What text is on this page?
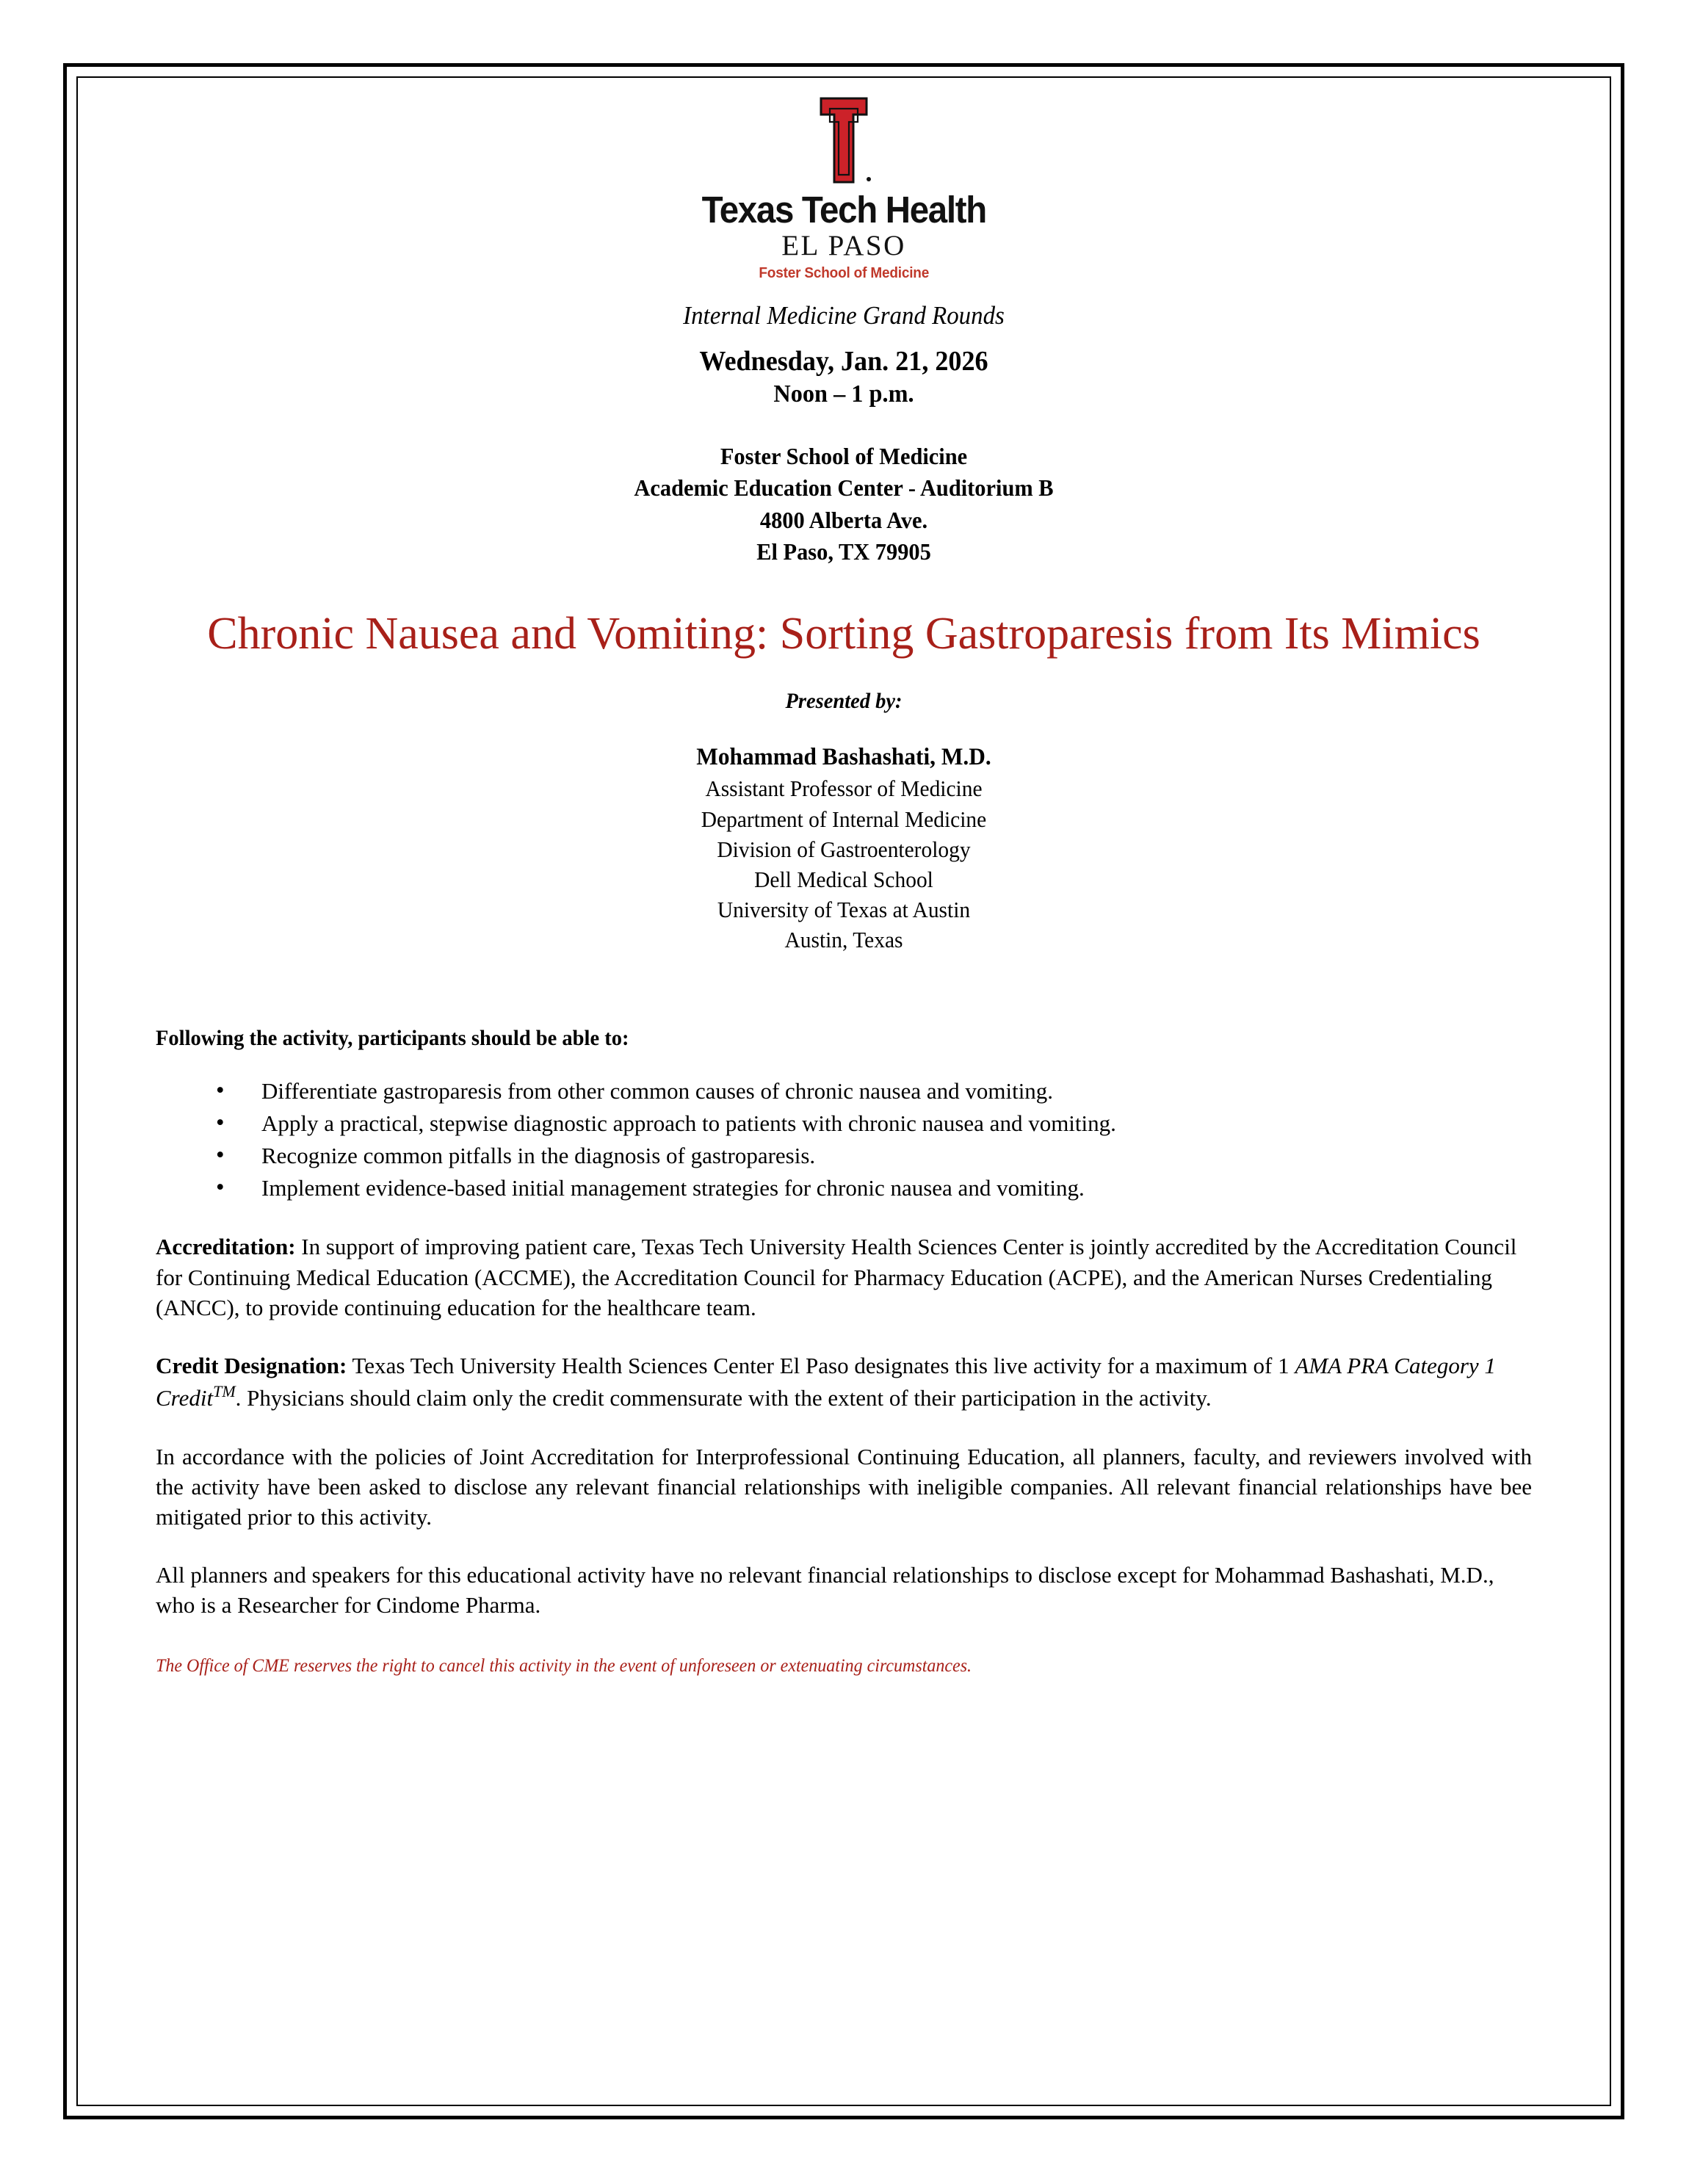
Texas Tech Health
EL PASO
Foster School of Medicine
Internal Medicine Grand Rounds
Wednesday, Jan. 21, 2026
Noon – 1 p.m.
Foster School of Medicine
Academic Education Center - Auditorium B
4800 Alberta Ave.
El Paso, TX 79905
Chronic Nausea and Vomiting: Sorting Gastroparesis from Its Mimics
Presented by:
Mohammad Bashashati, M.D.
Assistant Professor of Medicine
Department of Internal Medicine
Division of Gastroenterology
Dell Medical School
University of Texas at Austin
Austin, Texas
Following the activity, participants should be able to:
• Differentiate gastroparesis from other common causes of chronic nausea and vomiting.
• Apply a practical, stepwise diagnostic approach to patients with chronic nausea and vomiting.
• Recognize common pitfalls in the diagnosis of gastroparesis.
• Implement evidence-based initial management strategies for chronic nausea and vomiting.

Accreditation: In support of improving patient care, Texas Tech University Health Sciences Center is jointly accredited by the Accreditation Council for Continuing Medical Education (ACCME), the Accreditation Council for Pharmacy Education (ACPE), and the American Nurses Credentialing (ANCC), to provide continuing education for the healthcare team.

Credit Designation: Texas Tech University Health Sciences Center El Paso designates this live activity for a maximum of 1 AMA PRA Category 1 Credit™. Physicians should claim only the credit commensurate with the extent of their participation in the activity.

In accordance with the policies of Joint Accreditation for Interprofessional Continuing Education, all planners, faculty, and reviewers involved with the activity have been asked to disclose any relevant financial relationships with ineligible companies. All relevant financial relationships have bee mitigated prior to this activity.

All planners and speakers for this educational activity have no relevant financial relationships to disclose except for Mohammad Bashashati, M.D., who is a Researcher for Cindome Pharma.

The Office of CME reserves the right to cancel this activity in the event of unforeseen or extenuating circumstances.
